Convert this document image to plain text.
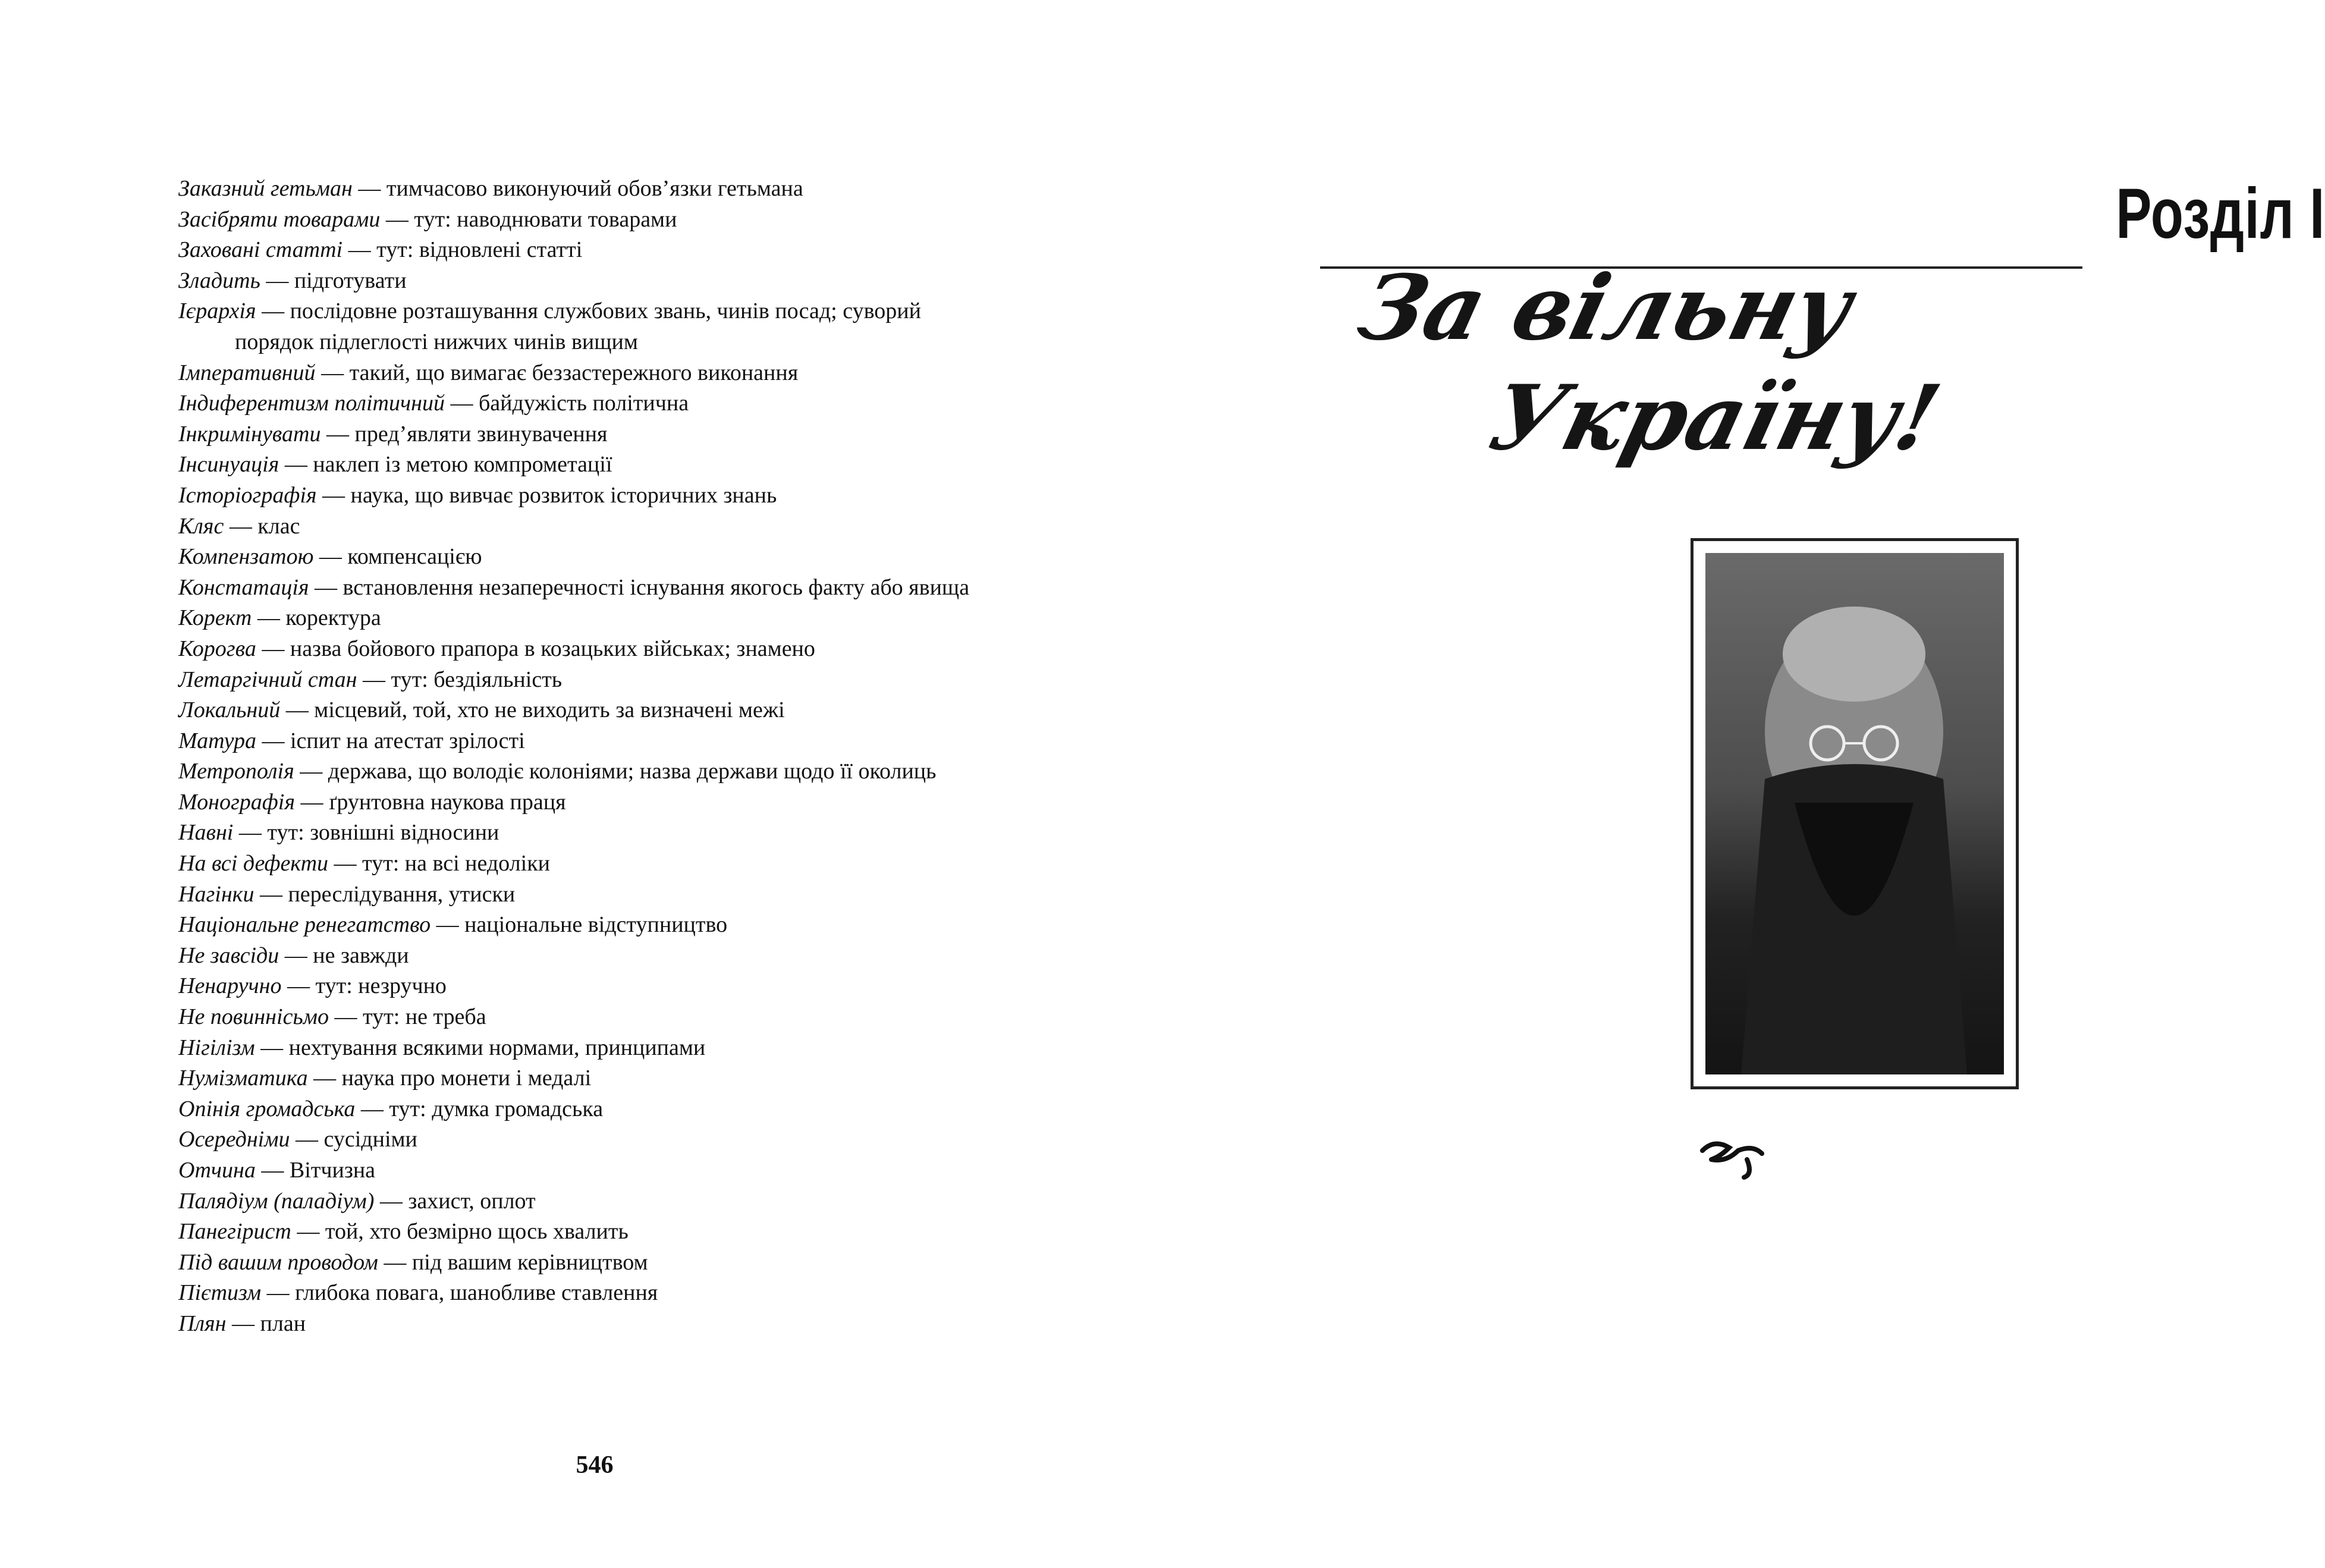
Заказний гетьман — тимчасово виконуючий обов’язки гетьмана
Засібряти товарами — тут: наводнювати товарами
Заховані статті — тут: відновлені статті
Зладить — підготувати
Ієрархія — послідовне розташування службових звань, чинів посад; суворий порядок підлеглості нижчих чинів вищим
Імперативний — такий, що вимагає беззастережного виконання
Індиферентизм політичний — байдужість політична
Інкримінувати — пред’являти звинувачення
Інсинуація — наклеп із метою компрометації
Історіографія — наука, що вивчає розвиток історичних знань
Кляс — клас
Компензатою — компенсацією
Констатація — встановлення незаперечності існування якогось факту або явища
Корект — коректура
Корогва — назва бойового прапора в козацьких військах; знамено
Летаргічний стан — тут: бездіяльність
Локальний — місцевий, той, хто не виходить за визначені межі
Матура — іспит на атестат зрілості
Метрополія — держава, що володіє колоніями; назва держави щодо її околиць
Монографія — ґрунтовна наукова праця
Навні — тут: зовнішні відносини
На всі дефекти — тут: на всі недоліки
Нагінки — переслідування, утиски
Національне ренегатство — національне відступництво
Не завсіди — не завжди
Ненаручно — тут: незручно
Не повиннісьмо — тут: не треба
Нігілізм — нехтування всякими нормами, принципами
Нумізматика — наука про монети і медалі
Опінія громадська — тут: думка громадська
Осередніми — сусідніми
Отчина — Вітчизна
Палядіум (паладіум) — захист, оплот
Панегірист — той, хто безмірно щось хвалить
Під вашим проводом — під вашим керівництвом
Пієтизм — глибока повага, шанобливе ставлення
Плян — план
546
Розділ I
За вільну
Україну!
